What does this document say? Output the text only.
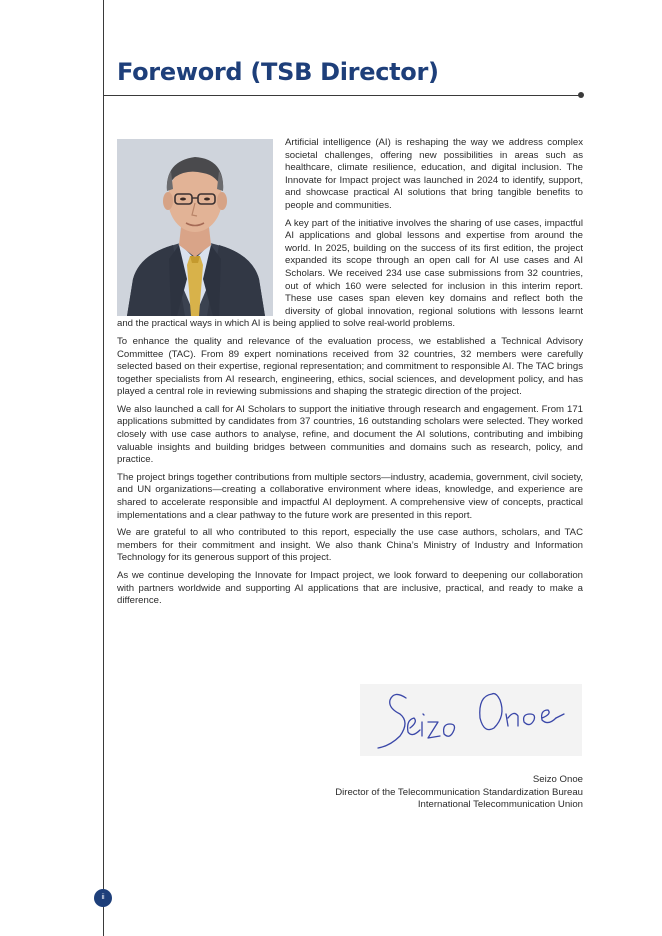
Foreword (TSB Director)

Artificial intelligence (AI) is reshaping the way we address complex societal challenges, offering new possibilities in areas such as healthcare, climate resilience, education, and digital inclusion. The Innovate for Impact project was launched in 2024 to identify, support, and showcase practical AI solutions that bring tangible benefits to people and communities.

A key part of the initiative involves the sharing of use cases, impactful AI applications and global lessons and expertise from around the world. In 2025, building on the success of its first edition, the project expanded its scope through an open call for AI use cases and AI Scholars. We received 234 use case submissions from 32 countries, out of which 160 were selected for inclusion in this interim report. These use cases span eleven key domains and reflect both the diversity of global innovation, regional solutions with lessons learnt and the practical ways in which AI is being applied to solve real-world problems.

To enhance the quality and relevance of the evaluation process, we established a Technical Advisory Committee (TAC). From 89 expert nominations received from 32 countries, 32 members were carefully selected based on their expertise, regional representation; and commitment to responsible AI. The TAC brings together specialists from AI research, engineering, ethics, social sciences, and development policy, and has played a central role in reviewing submissions and shaping the strategic direction of the project.

We also launched a call for AI Scholars to support the initiative through research and engagement. From 171 applications submitted by candidates from 37 countries, 16 outstanding scholars were selected. They worked closely with use case authors to analyse, refine, and document the AI solutions, contributing and imbibing valuable insights and building bridges between communities and domains such as research, policy, and practice.

The project brings together contributions from multiple sectors—industry, academia, government, civil society, and UN organizations—creating a collaborative environment where ideas, knowledge, and experience are shared to accelerate responsible and impactful AI deployment. A comprehensive view of concepts, practical implementations and a clear pathway to the future work are presented in this report.

We are grateful to all who contributed to this report, especially the use case authors, scholars, and TAC members for their commitment and insight. We also thank China’s Ministry of Industry and Information Technology for its generous support of this project.

As we continue developing the Innovate for Impact project, we look forward to deepening our collaboration with partners worldwide and supporting AI applications that are inclusive, practical, and ready to make a difference.

Seizo Onoe
Director of the Telecommunication Standardization Bureau
International Telecommunication Union
ii
